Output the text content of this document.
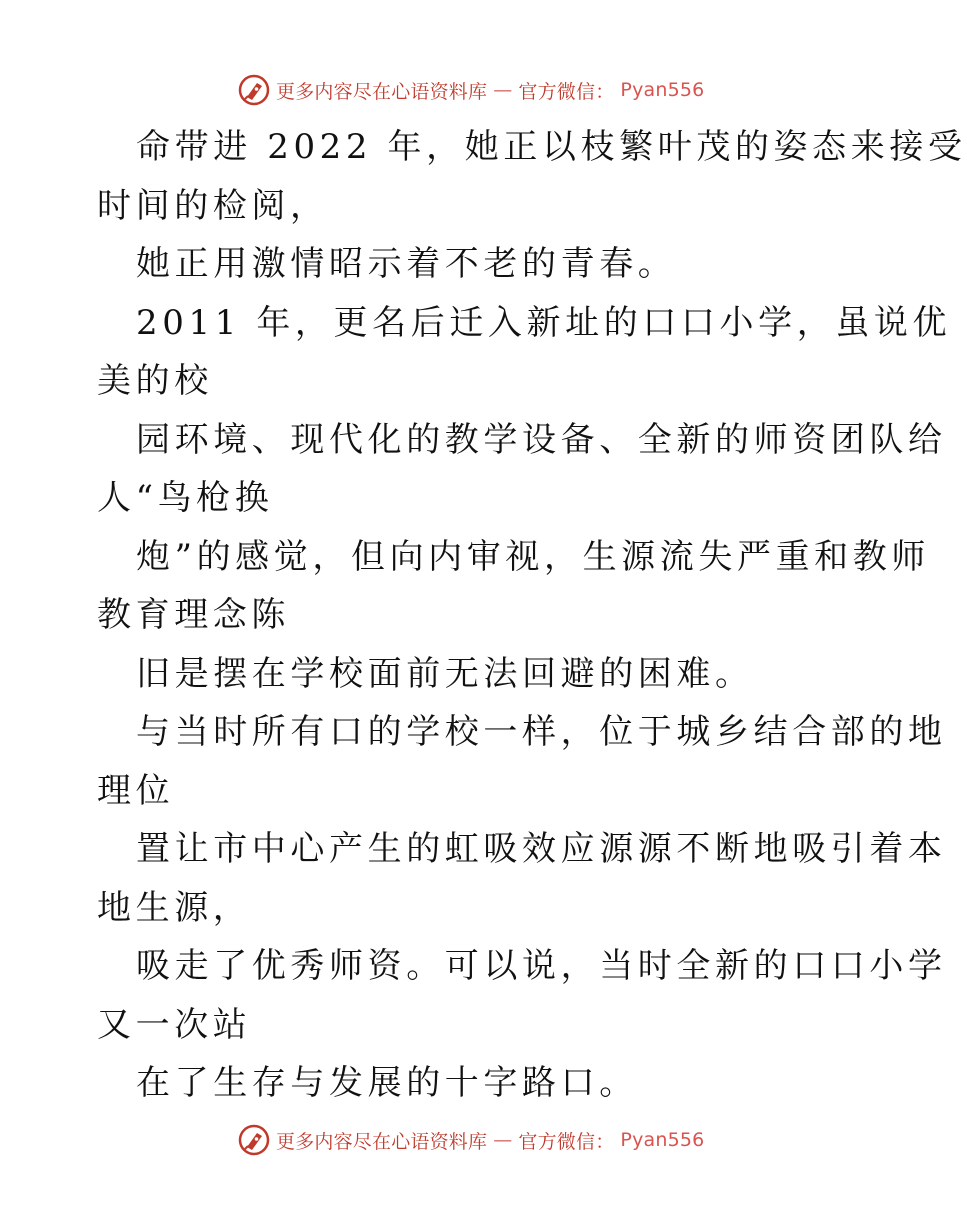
更多内容尽在心语资料库 — 官方微信： Pyan556
命带进 2022 年，她正以枝繁叶茂的姿态来接受
时间的检阅，
她正用激情昭示着不老的青春。
2011 年，更名后迁入新址的口口小学，虽说优
美的校
园环境、现代化的教学设备、全新的师资团队给
人“鸟枪换
炮”的感觉，但向内审视，生源流失严重和教师
教育理念陈
旧是摆在学校面前无法回避的困难。
与当时所有口的学校一样，位于城乡结合部的地
理位
置让市中心产生的虹吸效应源源不断地吸引着本
地生源，
吸走了优秀师资。可以说，当时全新的口口小学
又一次站
在了生存与发展的十字路口。
更多内容尽在心语资料库 — 官方微信： Pyan556
